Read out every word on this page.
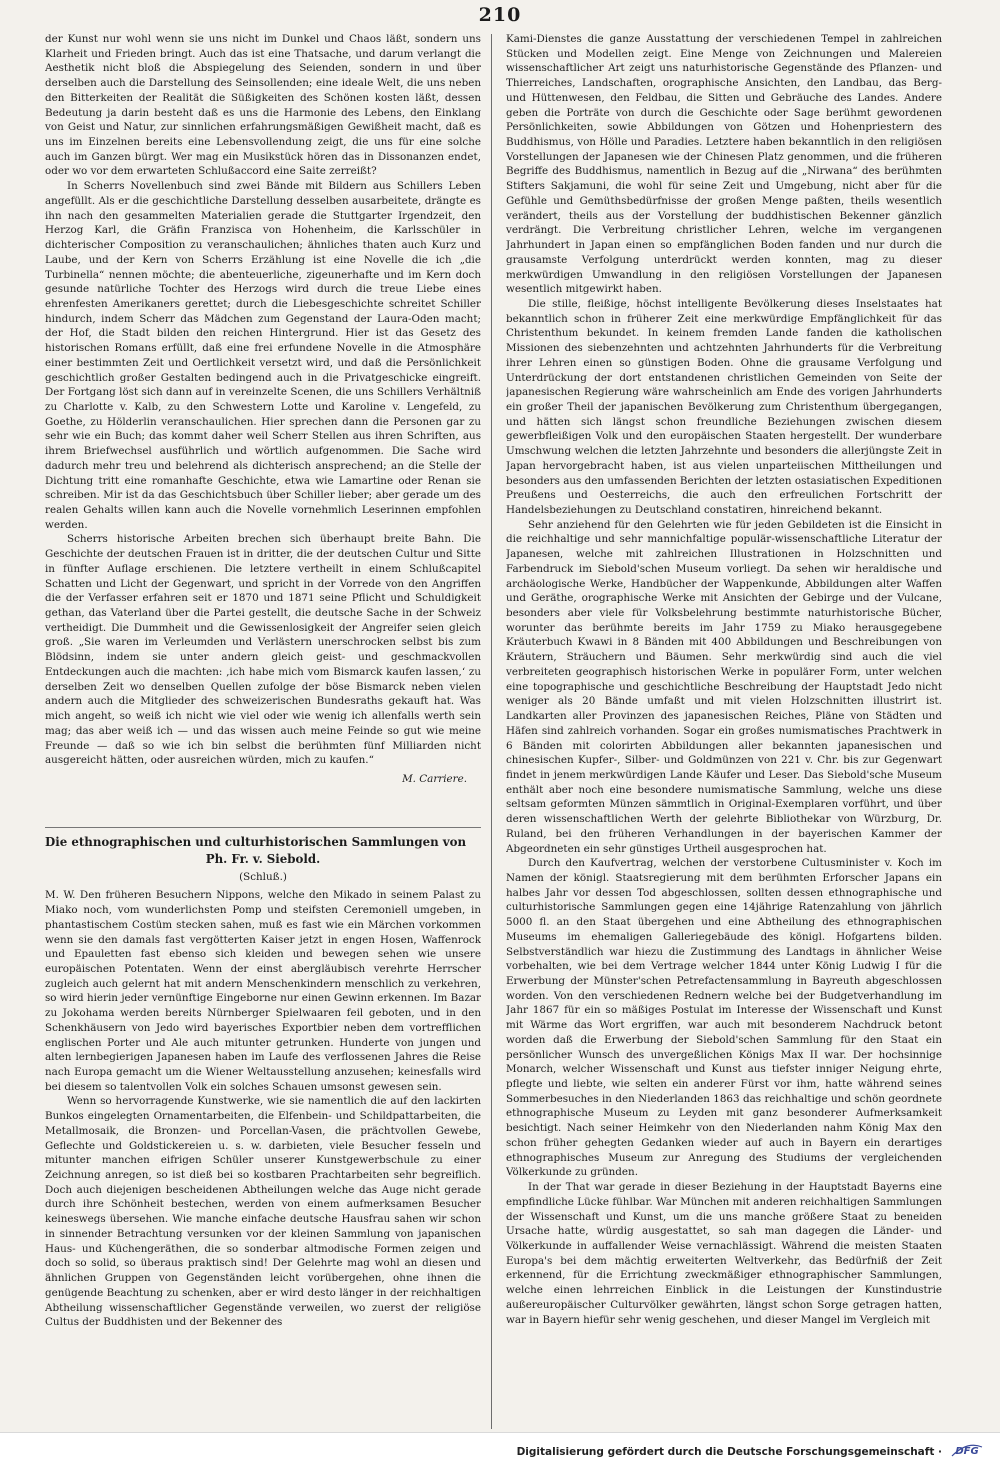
210

der Kunst nur wohl wenn sie uns nicht im Dunkel und Chaos läßt, sondern uns Klarheit und Frieden bringt. Auch das ist eine Thatsache, und darum verlangt die Aesthetik nicht bloß die Abspiegelung des Seienden, sondern in und über derselben auch die Darstellung des Seinsollenden; eine ideale Welt, die uns neben den Bitterkeiten der Realität die Süßigkeiten des Schönen kosten läßt, dessen Bedeutung ja darin besteht daß es uns die Harmonie des Lebens, den Einklang von Geist und Natur, zur sinnlichen erfahrungsmäßigen Gewißheit macht, daß es uns im Einzelnen bereits eine Lebensvollendung zeigt, die uns für eine solche auch im Ganzen bürgt. Wer mag ein Musikstück hören das in Dissonanzen endet, oder wo vor dem erwarteten Schlußaccord eine Saite zerreißt?

In Scherrs Novellenbuch sind zwei Bände mit Bildern aus Schillers Leben angefüllt. Als er die geschichtliche Darstellung desselben ausarbeitete, drängte es ihn nach den gesammelten Materialien gerade die Stuttgarter Irgendzeit, den Herzog Karl, die Gräfin Franzisca von Hohenheim, die Karlsschüler in dichterischer Composition zu veranschaulichen; ähnliches thaten auch Kurz und Laube, und der Kern von Scherrs Erzählung ist eine Novelle die ich „die Turbinella“ nennen möchte; die abenteuerliche, zigeunerhafte und im Kern doch gesunde natürliche Tochter des Herzogs wird durch die treue Liebe eines ehrenfesten Amerikaners gerettet; durch die Liebesgeschichte schreitet Schiller hindurch, indem Scherr das Mädchen zum Gegenstand der Laura-Oden macht; der Hof, die Stadt bilden den reichen Hintergrund. Hier ist das Gesetz des historischen Romans erfüllt, daß eine frei erfundene Novelle in die Atmosphäre einer bestimmten Zeit und Oertlichkeit versetzt wird, und daß die Persönlichkeit geschichtlich großer Gestalten bedingend auch in die Privatgeschicke eingreift. Der Fortgang löst sich dann auf in vereinzelte Scenen, die uns Schillers Verhältniß zu Charlotte v. Kalb, zu den Schwestern Lotte und Karoline v. Lengefeld, zu Goethe, zu Hölderlin veranschaulichen. Hier sprechen dann die Personen gar zu sehr wie ein Buch; das kommt daher weil Scherr Stellen aus ihren Schriften, aus ihrem Briefwechsel ausführlich und wörtlich aufgenommen. Die Sache wird dadurch mehr treu und belehrend als dichterisch ansprechend; an die Stelle der Dichtung tritt eine romanhafte Geschichte, etwa wie Lamartine oder Renan sie schreiben. Mir ist da das Geschichtsbuch über Schiller lieber; aber gerade um des realen Gehalts willen kann auch die Novelle vornehmlich Leserinnen empfohlen werden.

Scherrs historische Arbeiten brechen sich überhaupt breite Bahn. Die Geschichte der deutschen Frauen ist in dritter, die der deutschen Cultur und Sitte in fünfter Auflage erschienen. Die letztere vertheilt in einem Schlußcapitel Schatten und Licht der Gegenwart, und spricht in der Vorrede von den Angriffen die der Verfasser erfahren seit er 1870 und 1871 seine Pflicht und Schuldigkeit gethan, das Vaterland über die Partei gestellt, die deutsche Sache in der Schweiz vertheidigt. Die Dummheit und die Gewissenlosigkeit der Angreifer seien gleich groß. „Sie waren im Verleumden und Verlästern unerschrocken selbst bis zum Blödsinn, indem sie unter andern gleich geist- und geschmackvollen Entdeckungen auch die machten: ‚ich habe mich vom Bismarck kaufen lassen,‘ zu derselben Zeit wo denselben Quellen zufolge der böse Bismarck neben vielen andern auch die Mitglieder des schweizerischen Bundesraths gekauft hat. Was mich angeht, so weiß ich nicht wie viel oder wie wenig ich allenfalls werth sein mag; das aber weiß ich — und das wissen auch meine Feinde so gut wie meine Freunde — daß so wie ich bin selbst die berühmten fünf Milliarden nicht ausgereicht hätten, oder ausreichen würden, mich zu kaufen.“

M. Carriere.
Die ethnographischen und culturhistorischen Sammlungen von
Ph. Fr. v. Siebold.
(Schluß.)

M. W. Den früheren Besuchern Nippons, welche den Mikado in seinem Palast zu Miako noch, vom wunderlichsten Pomp und steifsten Ceremoniell umgeben, in phantastischem Costüm stecken sahen, muß es fast wie ein Märchen vorkommen wenn sie den damals fast vergötterten Kaiser jetzt in engen Hosen, Waffenrock und Epauletten fast ebenso sich kleiden und bewegen sehen wie unsere europäischen Potentaten. Wenn der einst abergläubisch verehrte Herrscher zugleich auch gelernt hat mit andern Menschenkindern menschlich zu verkehren, so wird hierin jeder vernünftige Eingeborne nur einen Gewinn erkennen. Im Bazar zu Jokohama werden bereits Nürnberger Spielwaaren feil geboten, und in den Schenkhäusern von Jedo wird bayerisches Exportbier neben dem vortrefflichen englischen Porter und Ale auch mitunter getrunken. Hunderte von jungen und alten lernbegierigen Japanesen haben im Laufe des verflossenen Jahres die Reise nach Europa gemacht um die Wiener Weltausstellung anzusehen; keinesfalls wird bei diesem so talentvollen Volk ein solches Schauen umsonst gewesen sein.

Wenn so hervorragende Kunstwerke, wie sie namentlich die auf den lackirten Bunkos eingelegten Ornamentarbeiten, die Elfenbein- und Schildpattarbeiten, die Metallmosaik, die Bronzen- und Porcellan-Vasen, die prächtvollen Gewebe, Geflechte und Goldstickereien u. s. w. darbieten, viele Besucher fesseln und mitunter manchen eifrigen Schüler unserer Kunstgewerbschule zu einer Zeichnung anregen, so ist dieß bei so kostbaren Prachtarbeiten sehr begreiflich. Doch auch diejenigen bescheidenen Abtheilungen welche das Auge nicht gerade durch ihre Schönheit bestechen, werden von einem aufmerksamen Besucher keineswegs übersehen. Wie manche einfache deutsche Hausfrau sahen wir schon in sinnender Betrachtung versunken vor der kleinen Sammlung von japanischen Haus- und Küchengeräthen, die so sonderbar altmodische Formen zeigen und doch so solid, so überaus praktisch sind! Der Gelehrte mag wohl an diesen und ähnlichen Gruppen von Gegenständen leicht vorübergehen, ohne ihnen die genügende Beachtung zu schenken, aber er wird desto länger in der reichhaltigen Abtheilung wissenschaftlicher Gegenstände verweilen, wo zuerst der religiöse Cultus der Buddhisten und der Bekenner des

Kami-Dienstes die ganze Ausstattung der verschiedenen Tempel in zahlreichen Stücken und Modellen zeigt. Eine Menge von Zeichnungen und Malereien wissenschaftlicher Art zeigt uns naturhistorische Gegenstände des Pflanzen- und Thierreiches, Landschaften, orographische Ansichten, den Landbau, das Berg- und Hüttenwesen, den Feldbau, die Sitten und Gebräuche des Landes. Andere geben die Porträte von durch die Geschichte oder Sage berühmt gewordenen Persönlichkeiten, sowie Abbildungen von Götzen und Hohenpriestern des Buddhismus, von Hölle und Paradies. Letztere haben bekanntlich in den religiösen Vorstellungen der Japanesen wie der Chinesen Platz genommen, und die früheren Begriffe des Buddhismus, namentlich in Bezug auf die „Nirwana“ des berühmten Stifters Sakjamuni, die wohl für seine Zeit und Umgebung, nicht aber für die Gefühle und Gemüthsbedürfnisse der großen Menge paßten, theils wesentlich verändert, theils aus der Vorstellung der buddhistischen Bekenner gänzlich verdrängt. Die Verbreitung christlicher Lehren, welche im vergangenen Jahrhundert in Japan einen so empfänglichen Boden fanden und nur durch die grausamste Verfolgung unterdrückt werden konnten, mag zu dieser merkwürdigen Umwandlung in den religiösen Vorstellungen der Japanesen wesentlich mitgewirkt haben.

Die stille, fleißige, höchst intelligente Bevölkerung dieses Inselstaates hat bekanntlich schon in früherer Zeit eine merkwürdige Empfänglichkeit für das Christenthum bekundet. In keinem fremden Lande fanden die katholischen Missionen des siebenzehnten und achtzehnten Jahrhunderts für die Verbreitung ihrer Lehren einen so günstigen Boden. Ohne die grausame Verfolgung und Unterdrückung der dort entstandenen christlichen Gemeinden von Seite der japanesischen Regierung wäre wahrscheinlich am Ende des vorigen Jahrhunderts ein großer Theil der japanischen Bevölkerung zum Christenthum übergegangen, und hätten sich längst schon freundliche Beziehungen zwischen diesem gewerbfleißigen Volk und den europäischen Staaten hergestellt. Der wunderbare Umschwung welchen die letzten Jahrzehnte und besonders die allerjüngste Zeit in Japan hervorgebracht haben, ist aus vielen unparteiischen Mittheilungen und besonders aus den umfassenden Berichten der letzten ostasiatischen Expeditionen Preußens und Oesterreichs, die auch den erfreulichen Fortschritt der Handelsbeziehungen zu Deutschland constatiren, hinreichend bekannt.

Sehr anziehend für den Gelehrten wie für jeden Gebildeten ist die Einsicht in die reichhaltige und sehr mannichfaltige populär-wissenschaftliche Literatur der Japanesen, welche mit zahlreichen Illustrationen in Holzschnitten und Farbendruck im Siebold'schen Museum vorliegt. Da sehen wir heraldische und archäologische Werke, Handbücher der Wappenkunde, Abbildungen alter Waffen und Geräthe, orographische Werke mit Ansichten der Gebirge und der Vulcane, besonders aber viele für Volksbelehrung bestimmte naturhistorische Bücher, worunter das berühmte bereits im Jahr 1759 zu Miako herausgegebene Kräuterbuch Kwawi in 8 Bänden mit 400 Abbildungen und Beschreibungen von Kräutern, Sträuchern und Bäumen. Sehr merkwürdig sind auch die viel verbreiteten geographisch historischen Werke in populärer Form, unter welchen eine topographische und geschichtliche Beschreibung der Hauptstadt Jedo nicht weniger als 20 Bände umfaßt und mit vielen Holzschnitten illustrirt ist. Landkarten aller Provinzen des japanesischen Reiches, Pläne von Städten und Häfen sind zahlreich vorhanden. Sogar ein großes numismatisches Prachtwerk in 6 Bänden mit colorirten Abbildungen aller bekannten japanesischen und chinesischen Kupfer-, Silber- und Goldmünzen von 221 v. Chr. bis zur Gegenwart findet in jenem merkwürdigen Lande Käufer und Leser. Das Siebold'sche Museum enthält aber noch eine besondere numismatische Sammlung, welche uns diese seltsam geformten Münzen sämmtlich in Original-Exemplaren vorführt, und über deren wissenschaftlichen Werth der gelehrte Bibliothekar von Würzburg, Dr. Ruland, bei den früheren Verhandlungen in der bayerischen Kammer der Abgeordneten ein sehr günstiges Urtheil ausgesprochen hat.

Durch den Kaufvertrag, welchen der verstorbene Cultusminister v. Koch im Namen der königl. Staatsregierung mit dem berühmten Erforscher Japans ein halbes Jahr vor dessen Tod abgeschlossen, sollten dessen ethnographische und culturhistorische Sammlungen gegen eine 14jährige Ratenzahlung von jährlich 5000 fl. an den Staat übergehen und eine Abtheilung des ethnographischen Museums im ehemaligen Galleriegebäude des königl. Hofgartens bilden. Selbstverständlich war hiezu die Zustimmung des Landtags in ähnlicher Weise vorbehalten, wie bei dem Vertrage welcher 1844 unter König Ludwig I für die Erwerbung der Münster'schen Petrefactensammlung in Bayreuth abgeschlossen worden. Von den verschiedenen Rednern welche bei der Budgetverhandlung im Jahr 1867 für ein so mäßiges Postulat im Interesse der Wissenschaft und Kunst mit Wärme das Wort ergriffen, war auch mit besonderem Nachdruck betont worden daß die Erwerbung der Siebold'schen Sammlung für den Staat ein persönlicher Wunsch des unvergeßlichen Königs Max II war. Der hochsinnige Monarch, welcher Wissenschaft und Kunst aus tiefster inniger Neigung ehrte, pflegte und liebte, wie selten ein anderer Fürst vor ihm, hatte während seines Sommerbesuches in den Niederlanden 1863 das reichhaltige und schön geordnete ethnographische Museum zu Leyden mit ganz besonderer Aufmerksamkeit besichtigt. Nach seiner Heimkehr von den Niederlanden nahm König Max den schon früher gehegten Gedanken wieder auf auch in Bayern ein derartiges ethnographisches Museum zur Anregung des Studiums der vergleichenden Völkerkunde zu gründen.

In der That war gerade in dieser Beziehung in der Hauptstadt Bayerns eine empfindliche Lücke fühlbar. War München mit anderen reichhaltigen Sammlungen der Wissenschaft und Kunst, um die uns manche größere Staat zu beneiden Ursache hatte, würdig ausgestattet, so sah man dagegen die Länder- und Völkerkunde in auffallender Weise vernachlässigt. Während die meisten Staaten Europa's bei dem mächtig erweiterten Weltverkehr, das Bedürfniß der Zeit erkennend, für die Errichtung zweckmäßiger ethnographischer Sammlungen, welche einen lehrreichen Einblick in die Leistungen der Kunstindustrie außereuropäischer Culturvölker gewährten, längst schon Sorge getragen hatten, war in Bayern hiefür sehr wenig geschehen, und dieser Mangel im Vergleich mit

Digitalisierung gefördert durch die Deutsche Forschungsgemeinschaft · DFG
